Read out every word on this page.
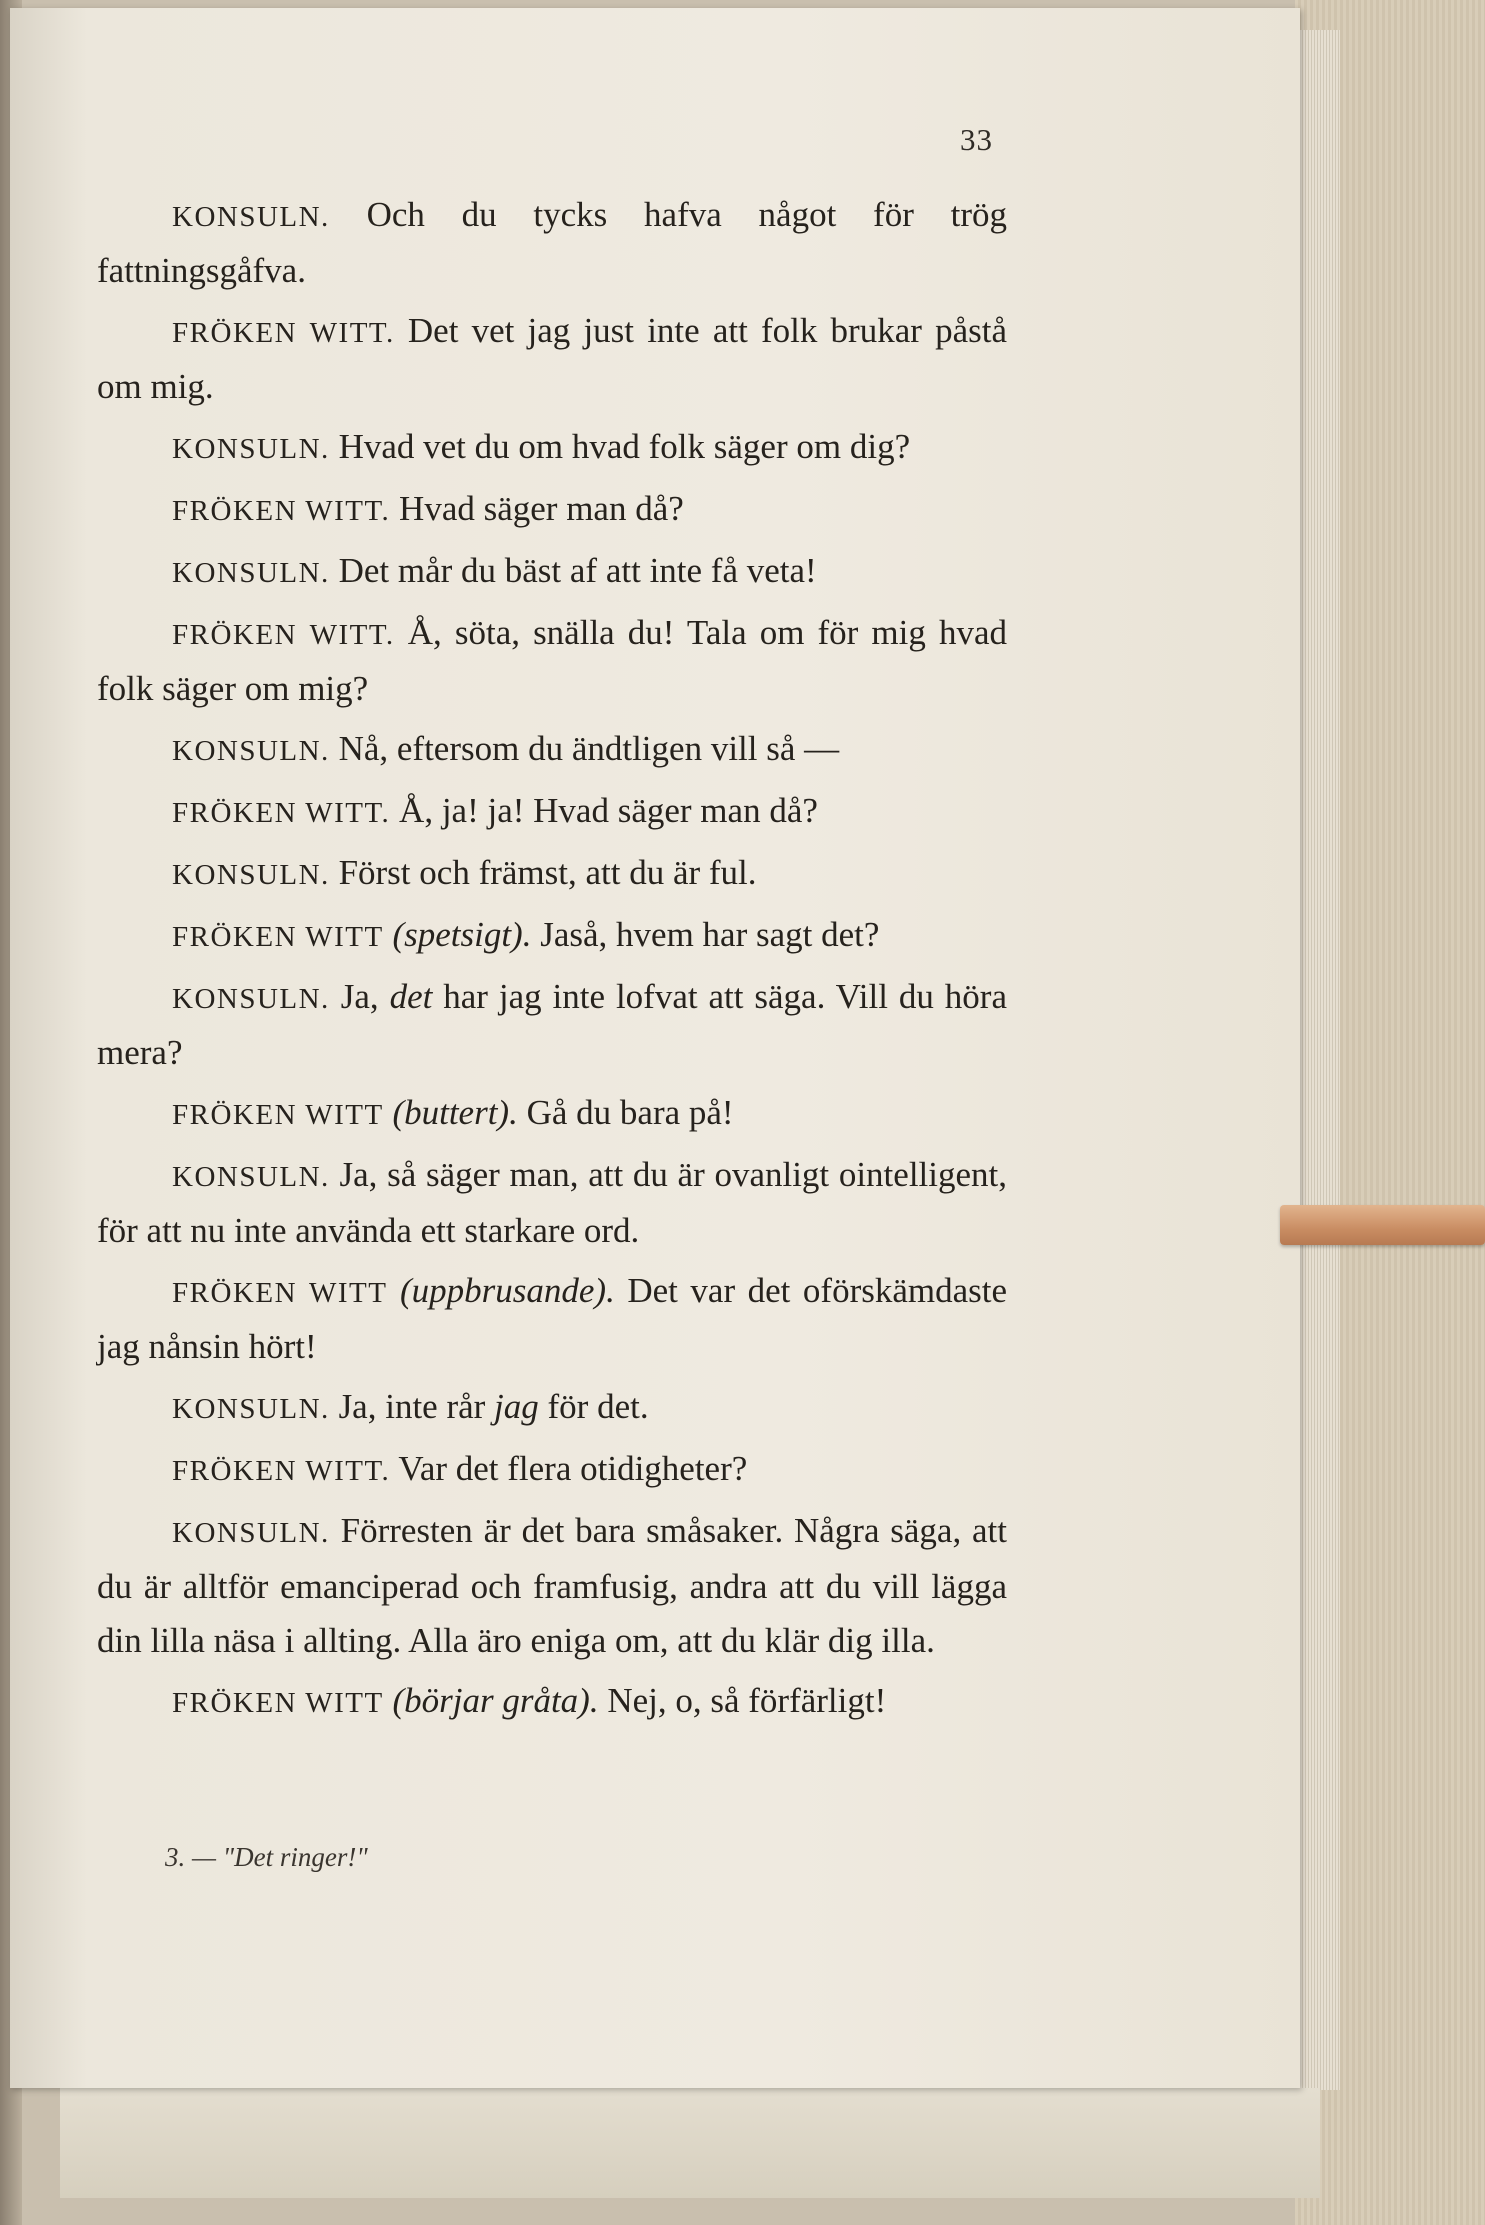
33

KONSULN. Och du tycks hafva något för trög fattningsgåfva.

FRÖKEN WITT. Det vet jag just inte att folk brukar påstå om mig.

KONSULN. Hvad vet du om hvad folk säger om dig?

FRÖKEN WITT. Hvad säger man då?

KONSULN. Det mår du bäst af att inte få veta!

FRÖKEN WITT. Å, söta, snälla du! Tala om för mig hvad folk säger om mig?

KONSULN. Nå, eftersom du ändtligen vill så —

FRÖKEN WITT. Å, ja! ja! Hvad säger man då?

KONSULN. Först och främst, att du är ful.

FRÖKEN WITT (spetsigt). Jaså, hvem har sagt det?

KONSULN. Ja, det har jag inte lofvat att säga. Vill du höra mera?

FRÖKEN WITT (buttert). Gå du bara på!

KONSULN. Ja, så säger man, att du är ovanligt ointelligent, för att nu inte använda ett starkare ord.

FRÖKEN WITT (uppbrusande). Det var det oförskämdaste jag nånsin hört!

KONSULN. Ja, inte rår jag för det.

FRÖKEN WITT. Var det flera otidigheter?

KONSULN. Förresten är det bara småsaker. Några säga, att du är alltför emanciperad och framfusig, andra att du vill lägga din lilla näsa i allting. Alla äro eniga om, att du klär dig illa.

FRÖKEN WITT (börjar gråta). Nej, o, så förfärligt!

3. — "Det ringer!"
